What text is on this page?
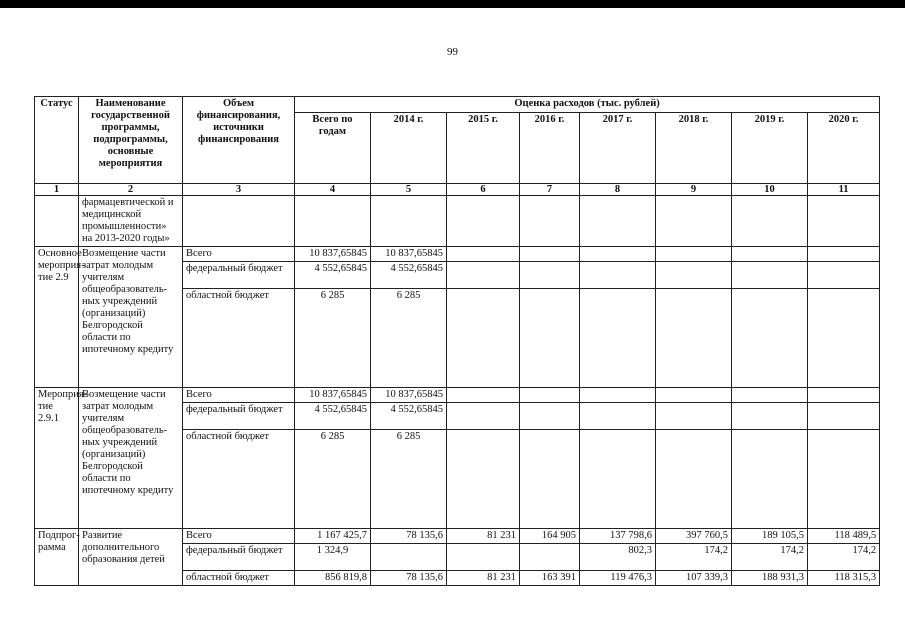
99
Статус	Наименование государственной программы, подпрограммы, основные мероприятия	Объем финансирования, источники финансирования	Оценка расходов (тыс. рублей)							
			Всего по годам	2014 г.	2015 г.	2016 г.	2017 г.	2018 г.	2019 г.	2020 г.
1	2	3	4	5	6	7	8	9	10	11
	фармацевтической и медицинской промышленности» на 2013-2020 годы»									
Основное мероприя-тие 2.9	Возмещение части затрат молодым учителям общеобразователь-ных учреждений (организаций) Белгородской области по ипотечному кредиту	Всего	10 837,65845	10 837,65845						
		федеральный бюджет	4 552,65845	4 552,65845						
		областной бюджет	6 285	6 285						
Мероприя-тие 2.9.1	Возмещение части затрат молодым учителям общеобразователь-ных учреждений (организаций) Белгородской области по ипотечному кредиту	Всего	10 837,65845	10 837,65845						
		федеральный бюджет	4 552,65845	4 552,65845						
		областной бюджет	6 285	6 285						
Подпрог-рамма	Развитие дополнительного образования детей	Всего	1 167 425,7	78 135,6	81 231	164 905	137 798,6	397 760,5	189 105,5	118 489,5
		федеральный бюджет	1 324,9				802,3	174,2	174,2	174,2
		областной бюджет	856 819,8	78 135,6	81 231	163 391	119 476,3	107 339,3	188 931,3	118 315,3
